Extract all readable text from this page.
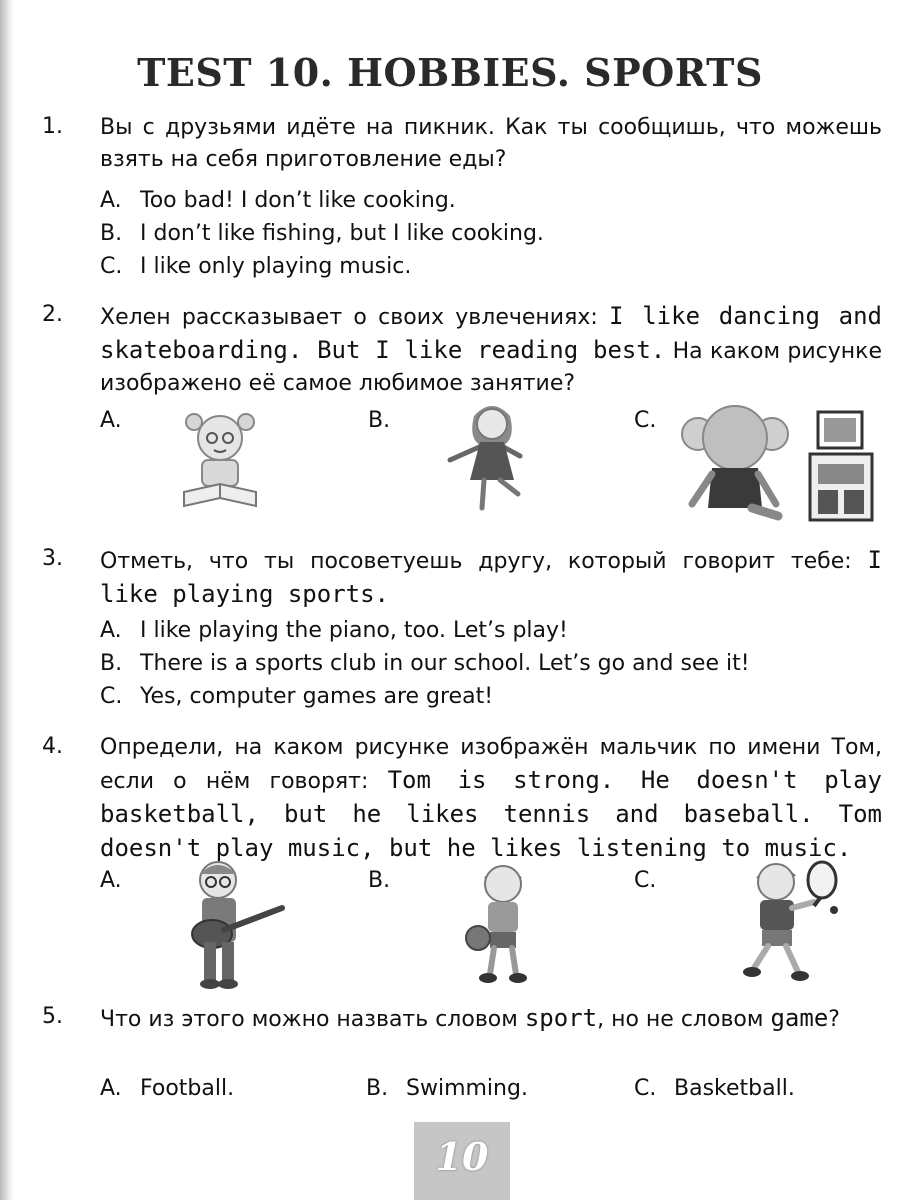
TEST 10. HOBBIES. SPORTS
1. Вы с друзьями идёте на пикник. Как ты сообщишь, что можешь взять на себя приготовление еды?
A. Too bad! I don’t like cooking.
B. I don’t like fishing, but I like cooking.
C. I like only playing music.
2. Хелен рассказывает о своих увлечениях: I like dancing and skateboarding. But I like reading best. На каком рисунке изображено её самое любимое занятие?
A.	B.	C.
3. Отметь, что ты посоветуешь другу, который говорит тебе: I like playing sports.
A. I like playing the piano, too. Let’s play!
B. There is a sports club in our school. Let’s go and see it!
C. Yes, computer games are great!
4. Определи, на каком рисунке изображён мальчик по имени Том, если о нём говорят: Tom is strong. He doesn't play basketball, but he likes tennis and baseball. Tom doesn't play music, but he likes listening to music.
A.	B.	C.
5. Что из этого можно назвать словом sport, но не словом game?
A. Football.	B. Swimming.	C. Basketball.
10
